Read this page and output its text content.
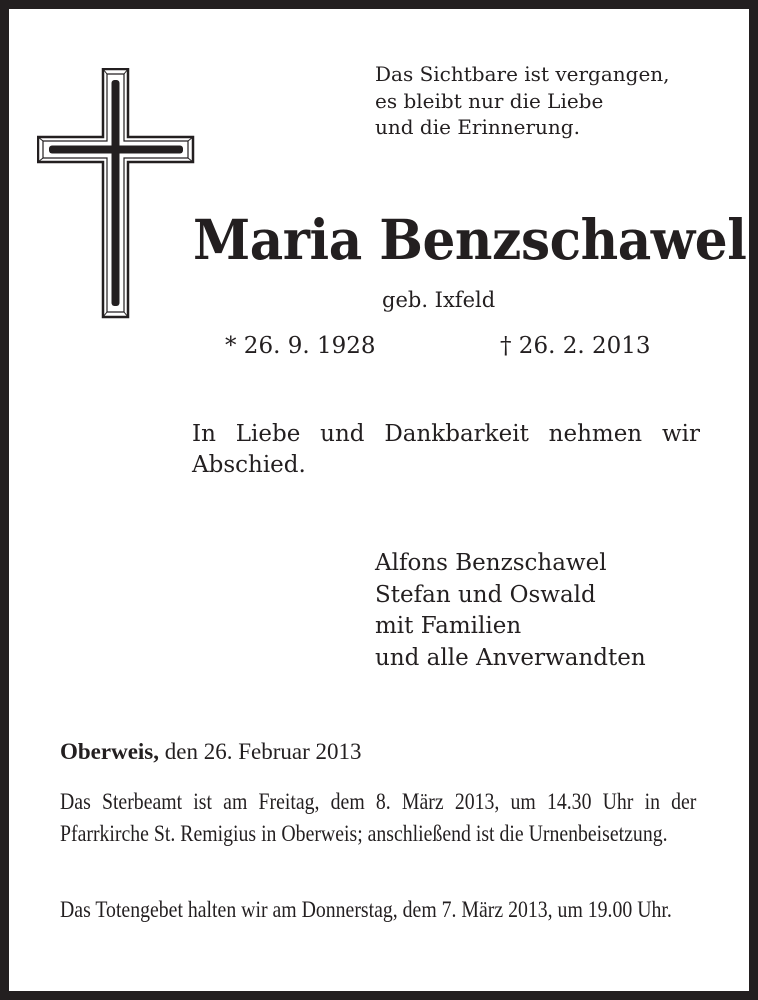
Das Sichtbare ist vergangen,
es bleibt nur die Liebe
und die Erinnerung.
Maria Benzschawel
geb. Ixfeld
* 26. 9. 1928	† 26. 2. 2013

In Liebe und Dankbarkeit nehmen wir Abschied.

Alfons Benzschawel
Stefan und Oswald
mit Familien
und alle Anverwandten
Oberweis, den 26. Februar 2013

Das Sterbeamt ist am Freitag, dem 8. März 2013, um 14.30 Uhr in der Pfarrkirche St. Remigius in Oberweis; anschließend ist die Urnenbeisetzung.

Das Totengebet halten wir am Donnerstag, dem 7. März 2013, um 19.00 Uhr.
